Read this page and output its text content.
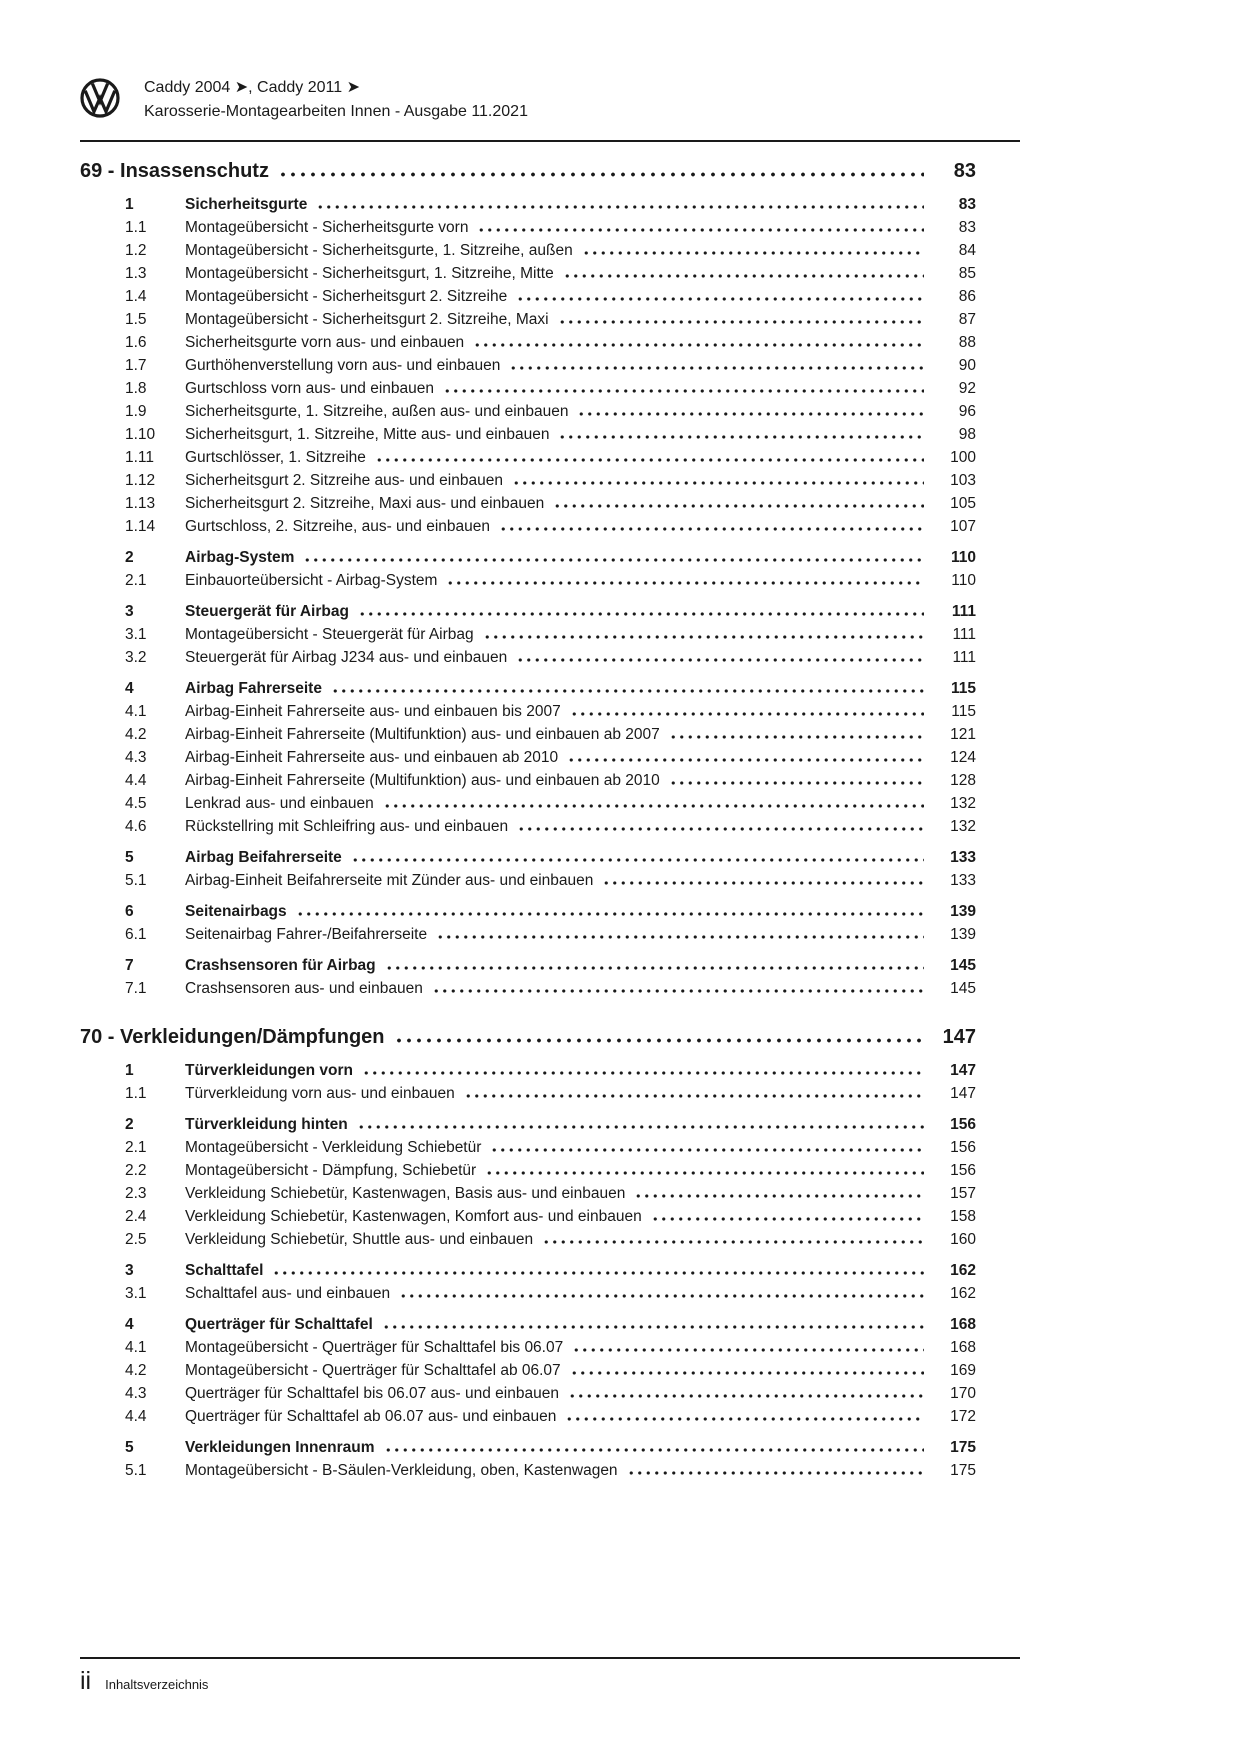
Caddy 2004 ➤, Caddy 2011 ➤
Karosserie-Montagearbeiten Innen - Ausgabe 11.2021
69 - Insassenschutz	83
1	Sicherheitsgurte	83
1.1	Montageübersicht - Sicherheitsgurte vorn	83
1.2	Montageübersicht - Sicherheitsgurte, 1. Sitzreihe, außen	84
1.3	Montageübersicht - Sicherheitsgurt, 1. Sitzreihe, Mitte	85
1.4	Montageübersicht - Sicherheitsgurt 2. Sitzreihe	86
1.5	Montageübersicht - Sicherheitsgurt 2. Sitzreihe, Maxi	87
1.6	Sicherheitsgurte vorn aus- und einbauen	88
1.7	Gurthöhenverstellung vorn aus- und einbauen	90
1.8	Gurtschloss vorn aus- und einbauen	92
1.9	Sicherheitsgurte, 1. Sitzreihe, außen aus- und einbauen	96
1.10	Sicherheitsgurt, 1. Sitzreihe, Mitte aus- und einbauen	98
1.11	Gurtschlösser, 1. Sitzreihe	100
1.12	Sicherheitsgurt 2. Sitzreihe aus- und einbauen	103
1.13	Sicherheitsgurt 2. Sitzreihe, Maxi aus- und einbauen	105
1.14	Gurtschloss, 2. Sitzreihe, aus- und einbauen	107
2	Airbag-System	110
2.1	Einbauorteübersicht - Airbag-System	110
3	Steuergerät für Airbag	111
3.1	Montageübersicht - Steuergerät für Airbag	111
3.2	Steuergerät für Airbag J234 aus- und einbauen	111
4	Airbag Fahrerseite	115
4.1	Airbag-Einheit Fahrerseite aus- und einbauen bis 2007	115
4.2	Airbag-Einheit Fahrerseite (Multifunktion) aus- und einbauen ab 2007	121
4.3	Airbag-Einheit Fahrerseite aus- und einbauen ab 2010	124
4.4	Airbag-Einheit Fahrerseite (Multifunktion) aus- und einbauen ab 2010	128
4.5	Lenkrad aus- und einbauen	132
4.6	Rückstellring mit Schleifring aus- und einbauen	132
5	Airbag Beifahrerseite	133
5.1	Airbag-Einheit Beifahrerseite mit Zünder aus- und einbauen	133
6	Seitenairbags	139
6.1	Seitenairbag Fahrer-/Beifahrerseite	139
7	Crashsensoren für Airbag	145
7.1	Crashsensoren aus- und einbauen	145
70 - Verkleidungen/Dämpfungen	147
1	Türverkleidungen vorn	147
1.1	Türverkleidung vorn aus- und einbauen	147
2	Türverkleidung hinten	156
2.1	Montageübersicht - Verkleidung Schiebetür	156
2.2	Montageübersicht - Dämpfung, Schiebetür	156
2.3	Verkleidung Schiebetür, Kastenwagen, Basis aus- und einbauen	157
2.4	Verkleidung Schiebetür, Kastenwagen, Komfort aus- und einbauen	158
2.5	Verkleidung Schiebetür, Shuttle aus- und einbauen	160
3	Schalttafel	162
3.1	Schalttafel aus- und einbauen	162
4	Querträger für Schalttafel	168
4.1	Montageübersicht - Querträger für Schalttafel bis 06.07	168
4.2	Montageübersicht - Querträger für Schalttafel ab 06.07	169
4.3	Querträger für Schalttafel bis 06.07 aus- und einbauen	170
4.4	Querträger für Schalttafel ab 06.07 aus- und einbauen	172
5	Verkleidungen Innenraum	175
5.1	Montageübersicht - B-Säulen-Verkleidung, oben, Kastenwagen	175
ii Inhaltsverzeichnis
